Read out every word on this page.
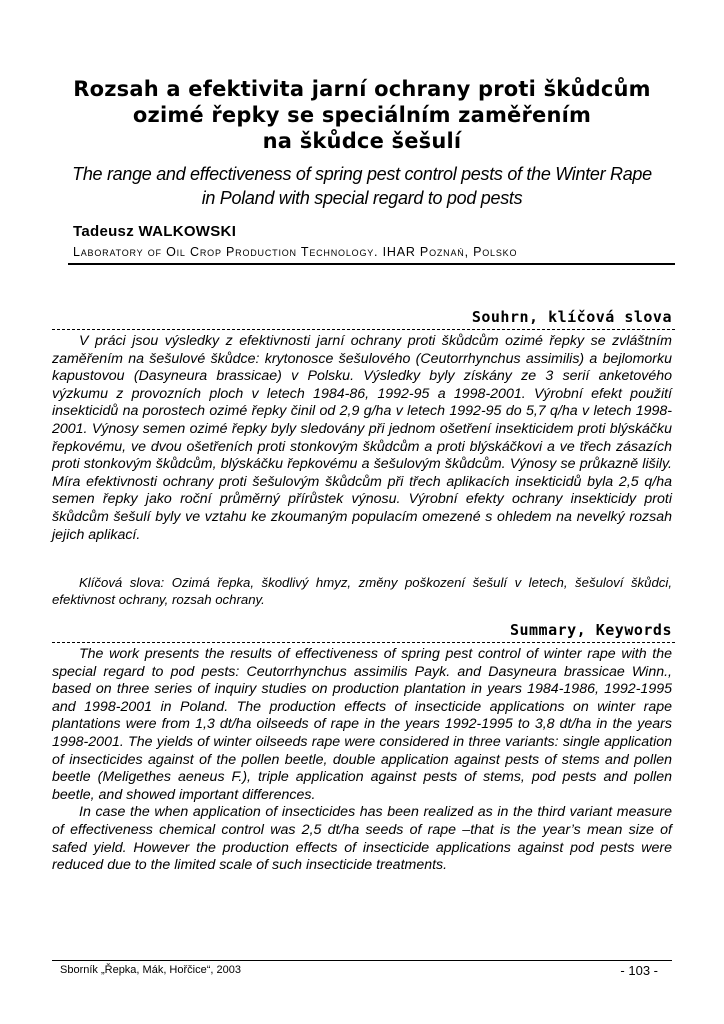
Rozsah a efektivita jarní ochrany proti škůdcům
ozimé řepky se speciálním zaměřením
na škůdce šešulí
The range and effectiveness of spring pest control pests of the Winter Rape
in Poland with special regard to pod pests
Tadeusz WALKOWSKI
Laboratory of Oil Crop Production Technology. IHAR Poznań, Polsko
Souhrn, klíčová slova

V práci jsou výsledky z efektivnosti jarní ochrany proti škůdcům ozimé řepky se zvláštním zaměřením na šešulové škůdce: krytonosce šešulového (Ceutorrhynchus assimilis) a bejlomorku kapustovou (Dasyneura brassicae) v Polsku. Výsledky byly získány ze 3 serií anketového výzkumu z provozních ploch v letech 1984-86, 1992-95 a 1998-2001. Výrobní efekt použití insekticidů na porostech ozimé řepky činil od 2,9 g/ha v letech 1992-95 do 5,7 q/ha v letech 1998-2001. Výnosy semen ozimé řepky byly sledovány při jednom ošetření insekticidem proti blýskáčku řepkovému, ve dvou ošetřeních proti stonkovým škůdcům a proti blýskáčkovi a ve třech zásazích proti stonkovým škůdcům, blýskáčku řepkovému a šešulovým škůdcům. Výnosy se průkazně lišily. Míra efektivnosti ochrany proti šešulovým škůdcům při třech aplikacích insekticidů byla 2,5 q/ha semen řepky jako roční průměrný přírůstek výnosu. Výrobní efekty ochrany insekticidy proti škůdcům šešulí byly ve vztahu ke zkoumaným populacím omezené s ohledem na nevelký rozsah jejich aplikací.

Klíčová slova: Ozimá řepka, škodlivý hmyz, změny poškození šešulí v letech, šešuloví škůdci, efektivnost ochrany, rozsah ochrany.

Summary, Keywords

The work presents the results of effectiveness of spring pest control of winter rape with the special regard to pod pests: Ceutorrhynchus assimilis Payk. and Dasyneura brassicae Winn., based on three series of inquiry studies on production plantation in years 1984-1986, 1992-1995 and 1998-2001 in Poland. The production effects of insecticide applications on winter rape plantations were from 1,3 dt/ha oilseeds of rape in the years 1992-1995 to 3,8 dt/ha in the years 1998-2001. The yields of winter oilseeds rape were considered in three variants: single application of insecticides against of the pollen beetle, double application against pests of stems and pollen beetle (Meligethes aeneus F.), triple application against pests of stems, pod pests and pollen beetle, and showed important differences.

In case the when application of insecticides has been realized as in the third variant measure of effectiveness chemical control was 2,5 dt/ha seeds of rape –that is the year’s mean size of safed yield. However the production effects of insecticide applications against pod pests were reduced due to the limited scale of such insecticide treatments.

Sborník „Řepka, Mák, Hořčice“, 2003	- 103 -
